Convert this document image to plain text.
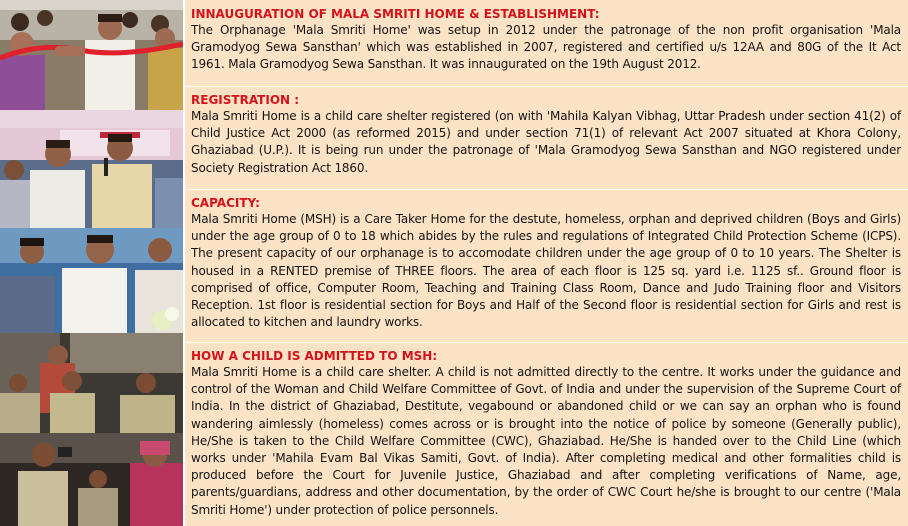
INNAUGURATION OF MALA SMRITI HOME & ESTABLISHMENT:
The Orphanage 'Mala Smriti Home' was setup in 2012 under the patronage of the non profit organisation 'Mala Gramodyog Sewa Sansthan' which was established in 2007, registered and certified u/s 12AA and 80G of the It Act 1961. Mala Gramodyog Sewa Sansthan. It was innaugurated on the 19th August 2012.
REGISTRATION :
Mala Smriti Home is a child care shelter registered (on with 'Mahila Kalyan Vibhag, Uttar Pradesh under section 41(2) of Child Justice Act 2000 (as reformed 2015) and under section 71(1) of relevant Act 2007 situated at Khora Colony, Ghaziabad (U.P.). It is being run under the patronage of 'Mala Gramodyog Sewa Sansthan and NGO registered under Society Registration Act 1860.
CAPACITY:
Mala Smriti Home (MSH) is a Care Taker Home for the destute, homeless, orphan and deprived children (Boys and Girls) under the age group of 0 to 18 which abides by the rules and regulations of Integrated Child Protection Scheme (ICPS). The present capacity of our orphanage is to accomodate children under the age group of 0 to 10 years. The Shelter is housed in a RENTED premise of THREE floors. The area of each floor is 125 sq. yard i.e. 1125 sf.. Ground floor is comprised of office, Computer Room, Teaching and Training Class Room, Dance and Judo Training floor and Visitors Reception. 1st floor is residential section for Boys and Half of the Second floor is residential section for Girls and rest is allocated to kitchen and laundry works.
HOW A CHILD IS ADMITTED TO MSH:
Mala Smriti Home is a child care shelter. A child is not admitted directly to the centre. It works under the guidance and control of the Woman and Child Welfare Committee of Govt. of India and under the supervision of the Supreme Court of India. In the district of Ghaziabad, Destitute, vegabound or abandoned child or we can say an orphan who is found wandering aimlessly (homeless) comes across or is brought into the notice of police by someone (Generally public), He/She is taken to the Child Welfare Committee (CWC), Ghaziabad. He/She is handed over to the Child Line (which works under 'Mahila Evam Bal Vikas Samiti, Govt. of India). After completing medical and other formalities child is produced before the Court for Juvenile Justice, Ghaziabad and after completing verifications of Name, age, parents/guardians, address and other documentation, by the order of CWC Court he/she is brought to our centre ('Mala Smriti Home') under protection of police personnels.
